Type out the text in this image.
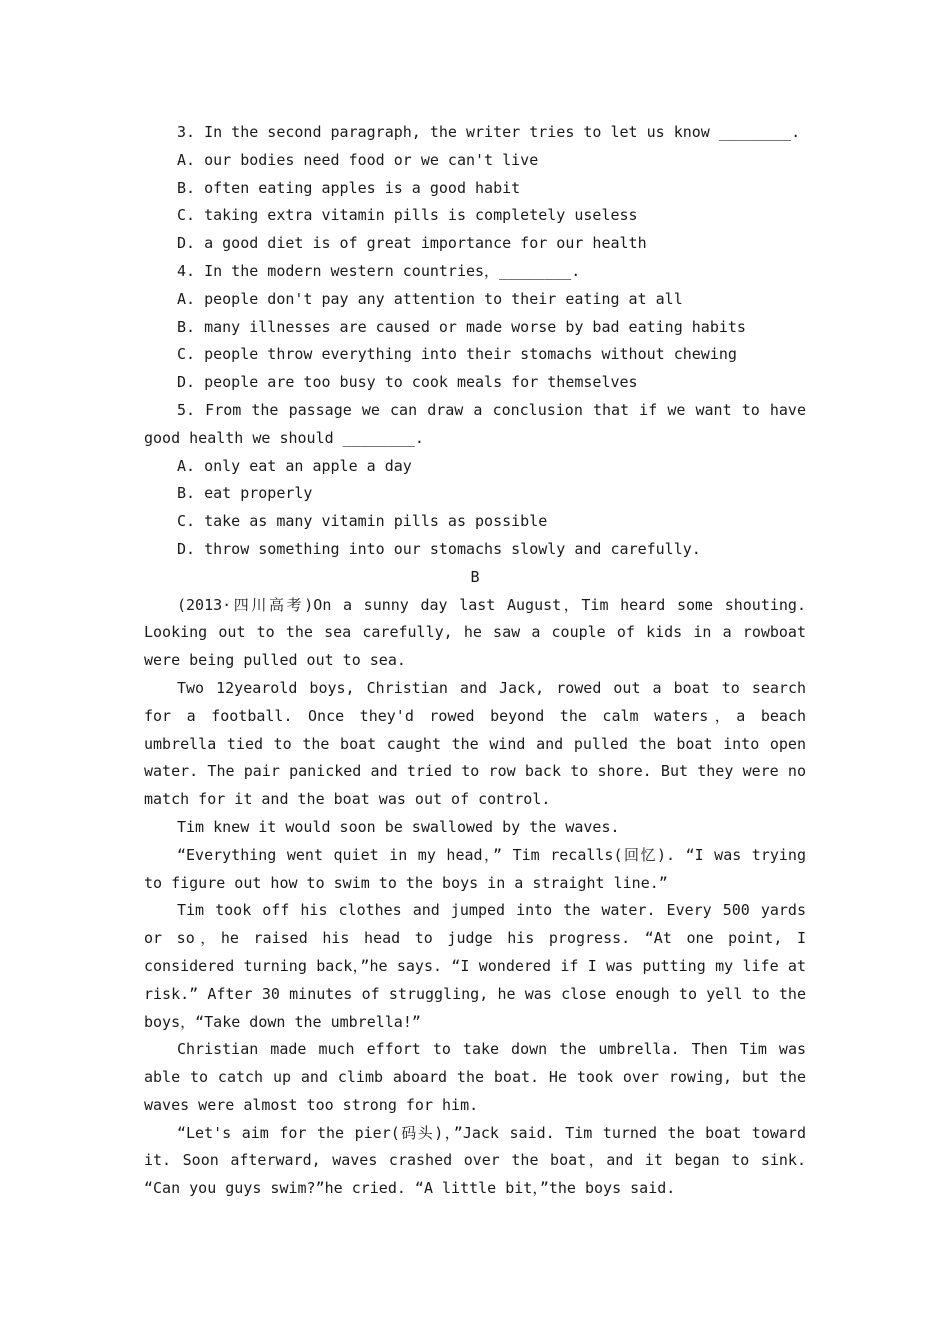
3. In the second paragraph, the writer tries to let us know ________.
A. our bodies need food or we can't live
B. often eating apples is a good habit
C. taking extra vitamin pills is completely useless
D. a good diet is of great importance for our health
4. In the modern western countries，________.
A. people don't pay any attention to their eating at all
B. many illnesses are caused or made worse by bad eating habits
C. people throw everything into their stomachs without chewing
D. people are too busy to cook meals for themselves
5. From the passage we can draw a conclusion that if we want to have good health we should ________.
A. only eat an apple a day
B. eat properly
C. take as many vitamin pills as possible
D. throw something into our stomachs slowly and carefully.
B
(2013·四川高考)On a sunny day last August，Tim heard some shouting. Looking out to the sea carefully, he saw a couple of kids in a rowboat were being pulled out to sea.
Two 12yearold boys, Christian and Jack, rowed out a boat to search for a football. Once they'd rowed beyond the calm waters，a beach umbrella tied to the boat caught the wind and pulled the boat into open water. The pair panicked and tried to row back to shore. But they were no match for it and the boat was out of control.
Tim knew it would soon be swallowed by the waves.
“Everything went quiet in my head，” Tim recalls(回忆). “I was trying to figure out how to swim to the boys in a straight line.”
Tim took off his clothes and jumped into the water. Every 500 yards or so，he raised his head to judge his progress. “At one point, I considered turning back，”he says. “I wondered if I was putting my life at risk.” After 30 minutes of struggling, he was close enough to yell to the boys，“Take down the umbrella!”
Christian made much effort to take down the umbrella. Then Tim was able to catch up and climb aboard the boat. He took over rowing, but the waves were almost too strong for him.
“Let's aim for the pier(码头)，”Jack said. Tim turned the boat toward it. Soon afterward, waves crashed over the boat，and it began to sink. “Can you guys swim?”he cried. “A little bit，”the boys said.
